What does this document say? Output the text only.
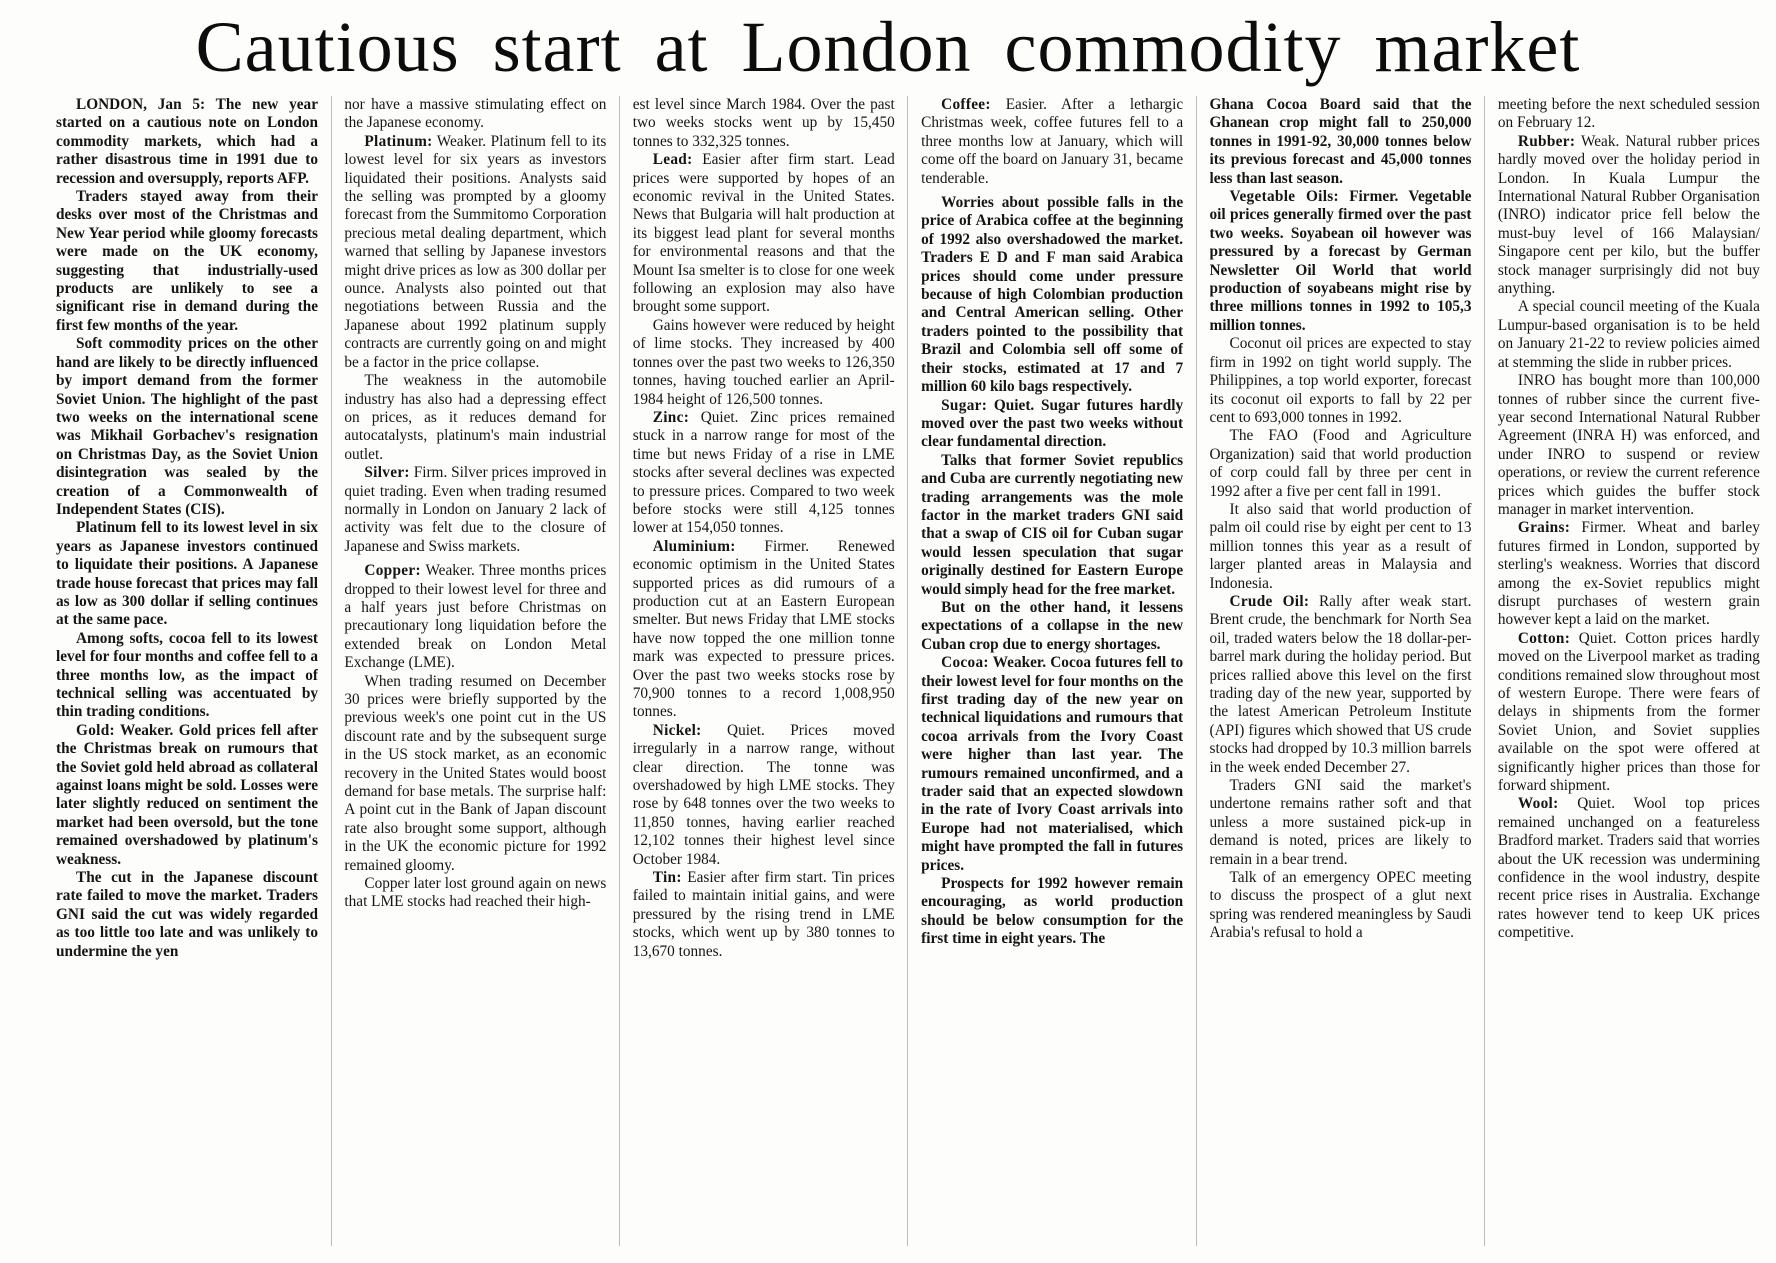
Cautious start at London commodity market

LONDON, Jan 5: The new year started on a cautious note on London commodity markets, which had a rather disastrous time in 1991 due to recession and oversupply, reports AFP.

Traders stayed away from their desks over most of the Christmas and New Year period while gloomy forecasts were made on the UK economy, suggesting that industrially-used products are unlikely to see a significant rise in demand during the first few months of the year.

Soft commodity prices on the other hand are likely to be directly influenced by import demand from the former Soviet Union. The highlight of the past two weeks on the international scene was Mikhail Gorbachev's resignation on Christmas Day, as the Soviet Union disintegration was sealed by the creation of a Commonwealth of Independent States (CIS).

Platinum fell to its lowest level in six years as Japanese investors continued to liquidate their positions. A Japanese trade house forecast that prices may fall as low as 300 dollar if selling continues at the same pace.

Among softs, cocoa fell to its lowest level for four months and coffee fell to a three months low, as the impact of technical selling was accentuated by thin trading conditions.

Gold: Weaker. Gold prices fell after the Christmas break on rumours that the Soviet gold held abroad as collateral against loans might be sold. Losses were later slightly reduced on sentiment the market had been oversold, but the tone remained overshadowed by platinum's weakness.

The cut in the Japanese discount rate failed to move the market. Traders GNI said the cut was widely regarded as too little too late and was unlikely to undermine the yen

nor have a massive stimulating effect on the Japanese economy.

Platinum: Weaker. Platinum fell to its lowest level for six years as investors liquidated their positions. Analysts said the selling was prompted by a gloomy forecast from the Summitomo Corporation precious metal dealing department, which warned that selling by Japanese investors might drive prices as low as 300 dollar per ounce. Analysts also pointed out that negotiations between Russia and the Japanese about 1992 platinum supply contracts are currently going on and might be a factor in the price collapse.

The weakness in the automobile industry has also had a depressing effect on prices, as it reduces demand for autocatalysts, platinum's main industrial outlet.

Silver: Firm. Silver prices improved in quiet trading. Even when trading resumed normally in London on January 2 lack of activity was felt due to the closure of Japanese and Swiss markets.

Copper: Weaker. Three months prices dropped to their lowest level for three and a half years just before Christmas on precautionary long liquidation before the extended break on London Metal Exchange (LME).

When trading resumed on December 30 prices were briefly supported by the previous week's one point cut in the US discount rate and by the subsequent surge in the US stock market, as an economic recovery in the United States would boost demand for base metals. The surprise half: A point cut in the Bank of Japan discount rate also brought some support, although in the UK the economic picture for 1992 remained gloomy.

Copper later lost ground again on news that LME stocks had reached their high-

est level since March 1984. Over the past two weeks stocks went up by 15,450 tonnes to 332,325 tonnes.

Lead: Easier after firm start. Lead prices were supported by hopes of an economic revival in the United States. News that Bulgaria will halt production at its biggest lead plant for several months for environmental reasons and that the Mount Isa smelter is to close for one week following an explosion may also have brought some support.

Gains however were reduced by height of lime stocks. They increased by 400 tonnes over the past two weeks to 126,350 tonnes, having touched earlier an April- 1984 height of 126,500 tonnes.

Zinc: Quiet. Zinc prices remained stuck in a narrow range for most of the time but news Friday of a rise in LME stocks after several declines was expected to pressure prices. Compared to two week before stocks were still 4,125 tonnes lower at 154,050 tonnes.

Aluminium: Firmer. Renewed economic optimism in the United States supported prices as did rumours of a production cut at an Eastern European smelter. But news Friday that LME stocks have now topped the one million tonne mark was expected to pressure prices. Over the past two weeks stocks rose by 70,900 tonnes to a record 1,008,950 tonnes.

Nickel: Quiet. Prices moved irregularly in a narrow range, without clear direction. The tonne was overshadowed by high LME stocks. They rose by 648 tonnes over the two weeks to 11,850 tonnes, having earlier reached 12,102 tonnes their highest level since October 1984.

Tin: Easier after firm start. Tin prices failed to maintain initial gains, and were pressured by the rising trend in LME stocks, which went up by 380 tonnes to 13,670 tonnes.

Coffee: Easier. After a lethargic Christmas week, coffee futures fell to a three months low at January, which will come off the board on January 31, became tenderable.

Worries about possible falls in the price of Arabica coffee at the beginning of 1992 also overshadowed the market. Traders E D and F man said Arabica prices should come under pressure because of high Colombian production and Central American selling. Other traders pointed to the possibility that Brazil and Colombia sell off some of their stocks, estimated at 17 and 7 million 60 kilo bags respectively.

Sugar: Quiet. Sugar futures hardly moved over the past two weeks without clear fundamental direction.

Talks that former Soviet republics and Cuba are currently negotiating new trading arrangements was the mole factor in the market traders GNI said that a swap of CIS oil for Cuban sugar would lessen speculation that sugar originally destined for Eastern Europe would simply head for the free market.

But on the other hand, it lessens expectations of a collapse in the new Cuban crop due to energy shortages.

Cocoa: Weaker. Cocoa futures fell to their lowest level for four months on the first trading day of the new year on technical liquidations and rumours that cocoa arrivals from the Ivory Coast were higher than last year. The rumours remained unconfirmed, and a trader said that an expected slowdown in the rate of Ivory Coast arrivals into Europe had not materialised, which might have prompted the fall in futures prices.

Prospects for 1992 however remain encouraging, as world production should be below consumption for the first time in eight years. The

Ghana Cocoa Board said that the Ghanean crop might fall to 250,000 tonnes in 1991-92, 30,000 tonnes below its previous forecast and 45,000 tonnes less than last season.

Vegetable Oils: Firmer. Vegetable oil prices generally firmed over the past two weeks. Soyabean oil however was pressured by a forecast by German Newsletter Oil World that world production of soyabeans might rise by three millions tonnes in 1992 to 105,3 million tonnes.

Coconut oil prices are expected to stay firm in 1992 on tight world supply. The Philippines, a top world exporter, forecast its coconut oil exports to fall by 22 per cent to 693,000 tonnes in 1992.

The FAO (Food and Agriculture Organization) said that world production of corp could fall by three per cent in 1992 after a five per cent fall in 1991.

It also said that world production of palm oil could rise by eight per cent to 13 million tonnes this year as a result of larger planted areas in Malaysia and Indonesia.

Crude Oil: Rally after weak start. Brent crude, the benchmark for North Sea oil, traded waters below the 18 dollar-per-barrel mark during the holiday period. But prices rallied above this level on the first trading day of the new year, supported by the latest American Petroleum Institute (API) figures which showed that US crude stocks had dropped by 10.3 million barrels in the week ended December 27.

Traders GNI said the market's undertone remains rather soft and that unless a more sustained pick-up in demand is noted, prices are likely to remain in a bear trend.

Talk of an emergency OPEC meeting to discuss the prospect of a glut next spring was rendered meaningless by Saudi Arabia's refusal to hold a

meeting before the next scheduled session on February 12.

Rubber: Weak. Natural rubber prices hardly moved over the holiday period in London. In Kuala Lumpur the International Natural Rubber Organisation (INRO) indicator price fell below the must-buy level of 166 Malaysian/ Singapore cent per kilo, but the buffer stock manager surprisingly did not buy anything.

A special council meeting of the Kuala Lumpur-based organisation is to be held on January 21-22 to review policies aimed at stemming the slide in rubber prices.

INRO has bought more than 100,000 tonnes of rubber since the current five-year second International Natural Rubber Agreement (INRA H) was enforced, and under INRO to suspend or review operations, or review the current reference prices which guides the buffer stock manager in market intervention.

Grains: Firmer. Wheat and barley futures firmed in London, supported by sterling's weakness. Worries that discord among the ex-Soviet republics might disrupt purchases of western grain however kept a laid on the market.

Cotton: Quiet. Cotton prices hardly moved on the Liverpool market as trading conditions remained slow throughout most of western Europe. There were fears of delays in shipments from the former Soviet Union, and Soviet supplies available on the spot were offered at significantly higher prices than those for forward shipment.

Wool: Quiet. Wool top prices remained unchanged on a featureless Bradford market. Traders said that worries about the UK recession was undermining confidence in the wool industry, despite recent price rises in Australia. Exchange rates however tend to keep UK prices competitive.
